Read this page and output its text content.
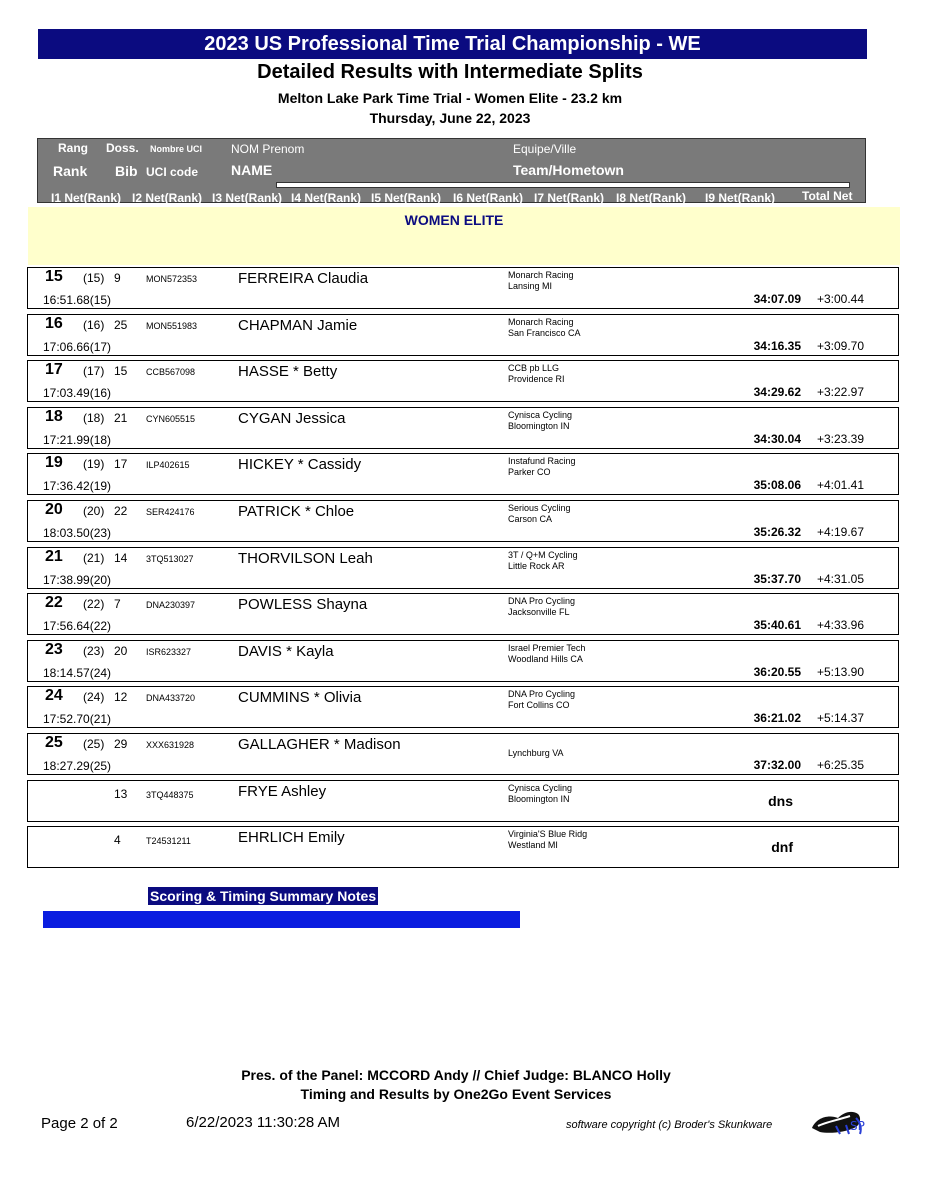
2023 US Professional Time Trial Championship - WE
Detailed Results with Intermediate Splits
Melton Lake Park Time Trial - Women Elite - 23.2 km
Thursday, June 22, 2023
Rang Doss. Nombre UCI NOM Prenom	Equipe/Ville
Rank Bib UCI code NAME	Team/Hometown
I1 Net(Rank) I2 Net(Rank) I3 Net(Rank) I4 Net(Rank) I5 Net(Rank) I6 Net(Rank) I7 Net(Rank) I8 Net(Rank) I9 Net(Rank) Total Net
WOMEN ELITE
15 (15) 9	MON572353	FERREIRA Claudia	Monarch Racing
Lansing MI
16:51.68(15)	34:07.09 +3:00.44
16 (16) 25 MON551983	CHAPMAN Jamie	Monarch Racing
San Francisco CA
17:06.66(17)	34:16.35 +3:09.70
17 (17) 15 CCB567098	HASSE * Betty	CCB pb LLG
Providence RI
17:03.49(16)	34:29.62 +3:22.97
18 (18) 21 CYN605515	CYGAN Jessica	Cynisca Cycling
Bloomington IN
17:21.99(18)	34:30.04 +3:23.39
19 (19) 17 ILP402615	HICKEY * Cassidy	Instafund Racing
Parker CO
17:36.42(19)	35:08.06 +4:01.41
20 (20) 22 SER424176	PATRICK * Chloe	Serious Cycling
Carson CA
18:03.50(23)	35:26.32 +4:19.67
21 (21) 14 3TQ513027	THORVILSON Leah	3T / Q+M Cycling
Little Rock AR
17:38.99(20)	35:37.70 +4:31.05
22 (22) 7	DNA230397	POWLESS Shayna	DNA Pro Cycling
Jacksonville FL
17:56.64(22)	35:40.61 +4:33.96
23 (23) 20 ISR623327	DAVIS * Kayla	Israel Premier Tech
Woodland Hills CA
18:14.57(24)	36:20.55 +5:13.90
24 (24) 12 DNA433720	CUMMINS * Olivia	DNA Pro Cycling
Fort Collins CO
17:52.70(21)	36:21.02 +5:14.37
25 (25) 29 XXX631928	GALLAGHER * Madison	Lynchburg VA
18:27.29(25)	37:32.00 +6:25.35
13 3TQ448375	FRYE Ashley	Cynisca Cycling
Bloomington IN	dns
4	T24531211	EHRLICH Emily	Virginia'S Blue Ridg
Westland MI	dnf
Scoring & Timing Summary Notes
Pres. of the Panel: MCCORD Andy // Chief Judge: BLANCO Holly
Timing and Results by One2Go Event Services
Page 2 of 2	6/22/2023 11:30:28 AM	software copyright (c) Broder's Skunkware	SP
